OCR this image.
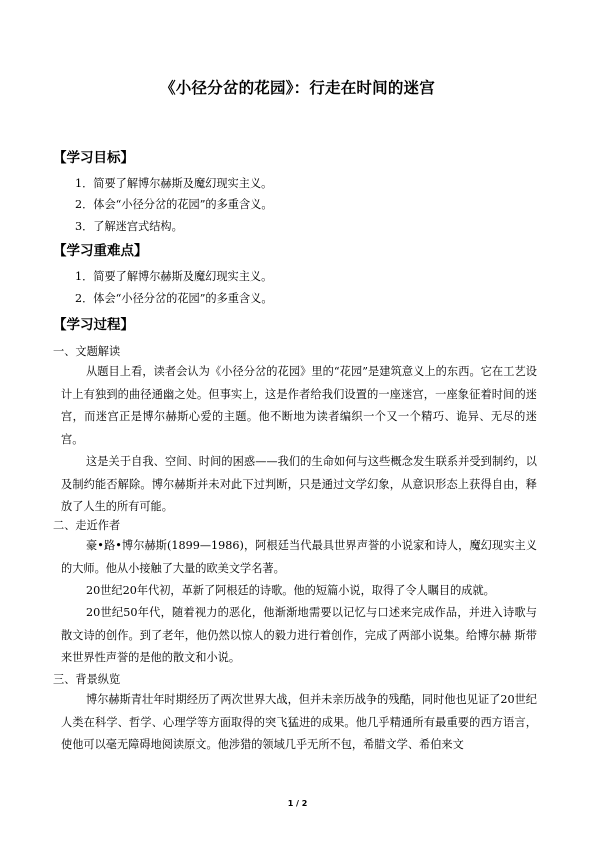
《小径分岔的花园》：行走在时间的迷宫
【学习目标】
1．简要了解博尔赫斯及魔幻现实主义。
2．体会“小径分岔的花园”的多重含义。
3．了解迷宫式结构。
【学习重难点】
1．简要了解博尔赫斯及魔幻现实主义。
2．体会“小径分岔的花园”的多重含义。
【学习过程】
一、文题解读

从题目上看，读者会认为《小径分岔的花园》里的“花园”是建筑意义上的东西。它在工艺设计上有独到的曲径通幽之处。但事实上，这是作者给我们设置的一座迷宫，一座象征着时间的迷宫，而迷宫正是博尔赫斯心爱的主题。他不断地为读者编织一个又一个精巧、诡异、无尽的迷宫。

这是关于自我、空间、时间的困惑——我们的生命如何与这些概念发生联系并受到制约，以及制约能否解除。博尔赫斯并未对此下过判断，只是通过文学幻象，从意识形态上获得自由，释放了人生的所有可能。

二、走近作者

豪•路•博尔赫斯(1899—1986)，阿根廷当代最具世界声誉的小说家和诗人，魔幻现实主义的大师。他从小接触了大量的欧美文学名著。

20世纪20年代初，革新了阿根廷的诗歌。他的短篇小说，取得了令人瞩目的成就。

20世纪50年代，随着视力的恶化，他渐渐地需要以记忆与口述来完成作品，并进入诗歌与散文诗的创作。到了老年，他仍然以惊人的毅力进行着创作，完成了两部小说集。给博尔赫 斯带来世界性声誉的是他的散文和小说。

三、背景纵览

博尔赫斯青壮年时期经历了两次世界大战，但并未亲历战争的残酷，同时他也见证了20世纪人类在科学、哲学、心理学等方面取得的突飞猛进的成果。他几乎精通所有最重要的西方语言，使他可以毫无障碍地阅读原文。他涉猎的领域几乎无所不包，希腊文学、希伯来文

1 / 2
